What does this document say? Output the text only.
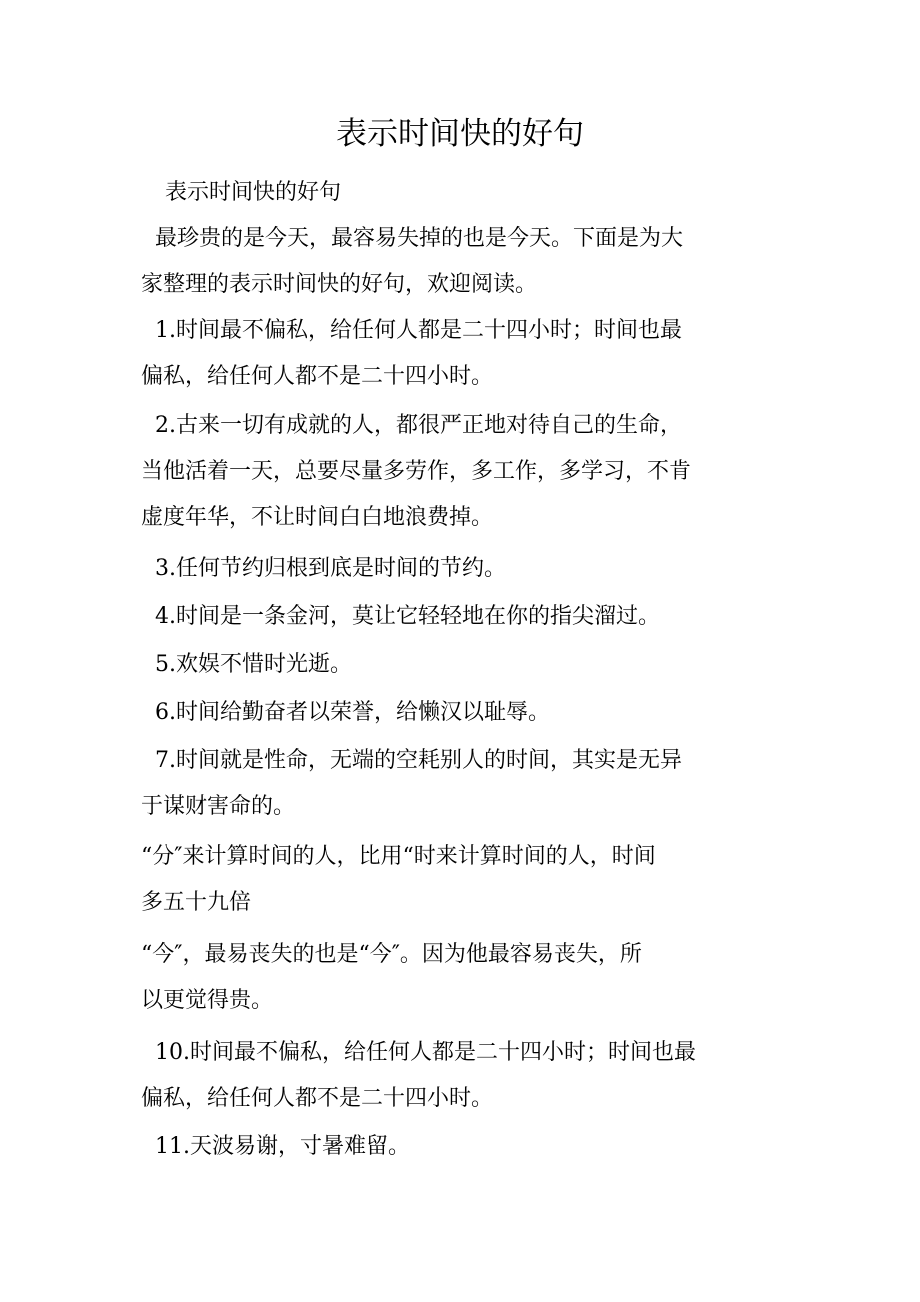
表示时间快的好句

表示时间快的好句

最珍贵的是今天，最容易失掉的也是今天。下面是为大
家整理的表示时间快的好句，欢迎阅读。

1.时间最不偏私，给任何人都是二十四小时；时间也最
偏私，给任何人都不是二十四小时。

2.古来一切有成就的人，都很严正地对待自己的生命，
当他活着一天，总要尽量多劳作，多工作，多学习，不肯
虚度年华，不让时间白白地浪费掉。

3.任何节约归根到底是时间的节约。

4.时间是一条金河，莫让它轻轻地在你的指尖溜过。

5.欢娱不惜时光逝。

6.时间给勤奋者以荣誉，给懒汉以耻辱。

7.时间就是性命，无端的空耗别人的时间，其实是无异
于谋财害命的。

“分″来计算时间的人，比用“时来计算时间的人，时间
多五十九倍

“今″，最易丧失的也是“今″。因为他最容易丧失，所
以更觉得贵。

10.时间最不偏私，给任何人都是二十四小时；时间也最
偏私，给任何人都不是二十四小时。

11.天波易谢，寸暑难留。
